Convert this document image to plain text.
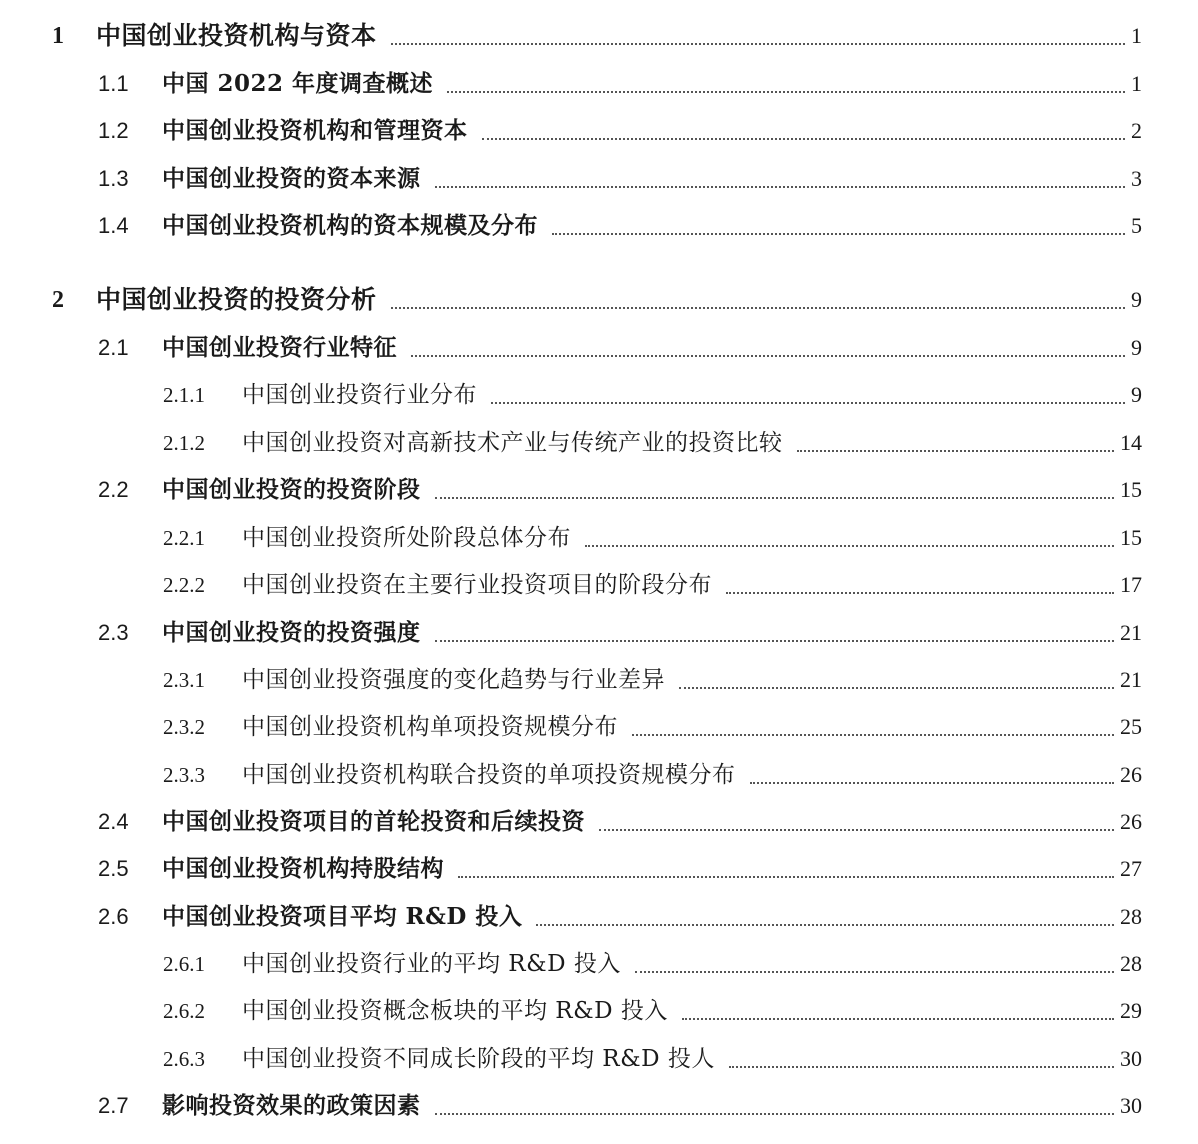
1 中国创业投资机构与资本	1
1.1 中国 2022 年度调查概述	1
1.2 中国创业投资机构和管理资本	2
1.3 中国创业投资的资本来源	3
1.4 中国创业投资机构的资本规模及分布	5
2 中国创业投资的投资分析	9
2.1 中国创业投资行业特征	9
2.1.1 中国创业投资行业分布	9
2.1.2 中国创业投资对高新技术产业与传统产业的投资比较	14
2.2 中国创业投资的投资阶段	15
2.2.1 中国创业投资所处阶段总体分布	15
2.2.2 中国创业投资在主要行业投资项目的阶段分布	17
2.3 中国创业投资的投资强度	21
2.3.1 中国创业投资强度的变化趋势与行业差异	21
2.3.2 中国创业投资机构单项投资规模分布	25
2.3.3 中国创业投资机构联合投资的单项投资规模分布	26
2.4 中国创业投资项目的首轮投资和后续投资	26
2.5 中国创业投资机构持股结构	27
2.6 中国创业投资项目平均 R&D 投入	28
2.6.1 中国创业投资行业的平均 R&D 投入	28
2.6.2 中国创业投资概念板块的平均 R&D 投入	29
2.6.3 中国创业投资不同成长阶段的平均 R&D 投人	30
2.7 影响投资效果的政策因素	30
